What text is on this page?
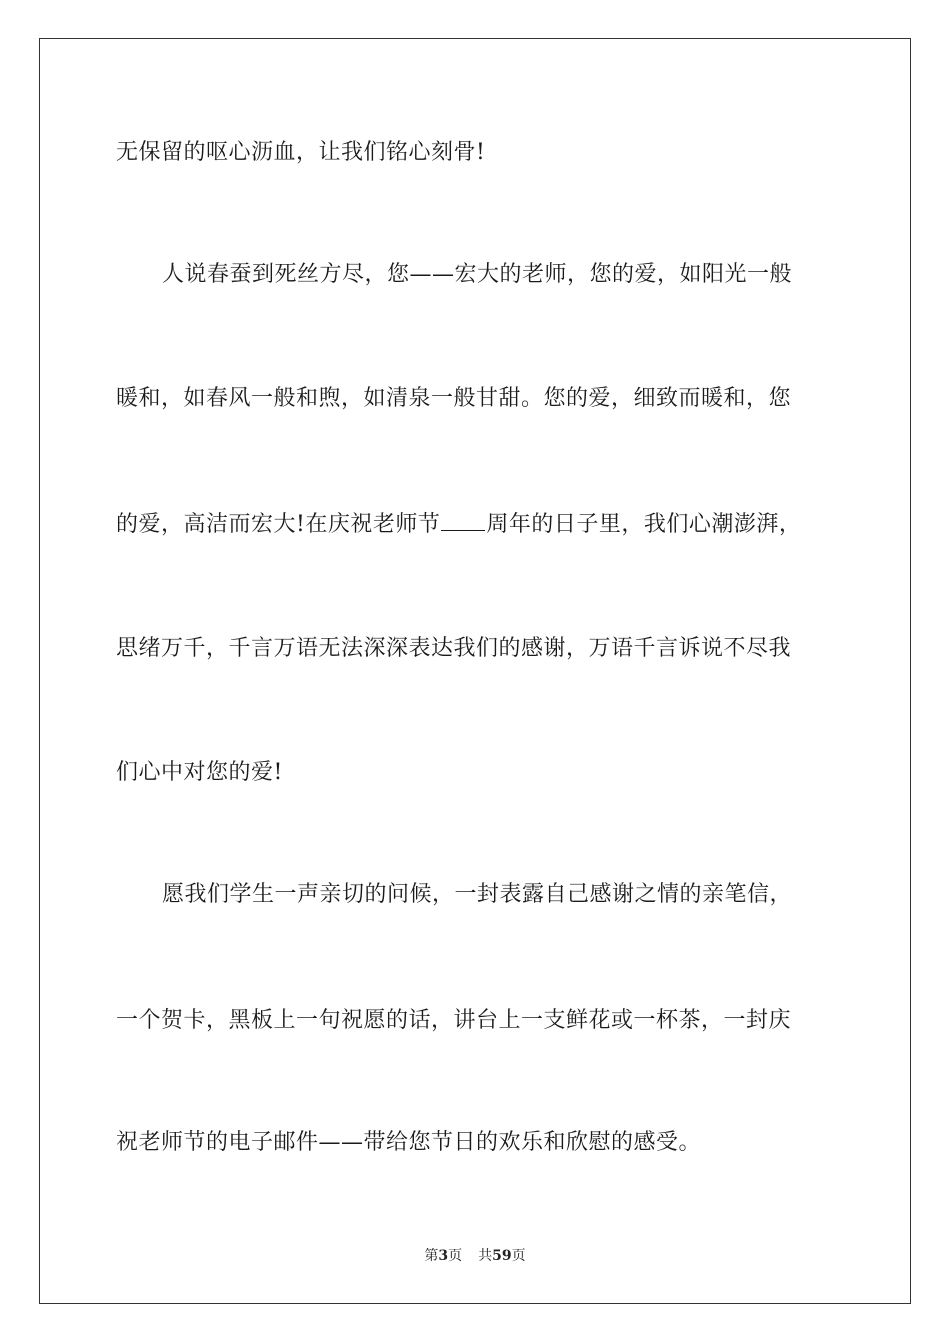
无保留的呕心沥血，让我们铭心刻骨!
人说春蚕到死丝方尽，您——宏大的老师，您的爱，如阳光一般
暖和，如春风一般和煦，如清泉一般甘甜。您的爱，细致而暖和，您
的爱，高洁而宏大!在庆祝老师节 周年的日子里，我们心潮澎湃，
思绪万千，千言万语无法深深表达我们的感谢，万语千言诉说不尽我
们心中对您的爱!
愿我们学生一声亲切的问候，一封表露自己感谢之情的亲笔信，
一个贺卡，黑板上一句祝愿的话，讲台上一支鲜花或一杯茶，一封庆
祝老师节的电子邮件——带给您节日的欢乐和欣慰的感受。
第3页 共59页
